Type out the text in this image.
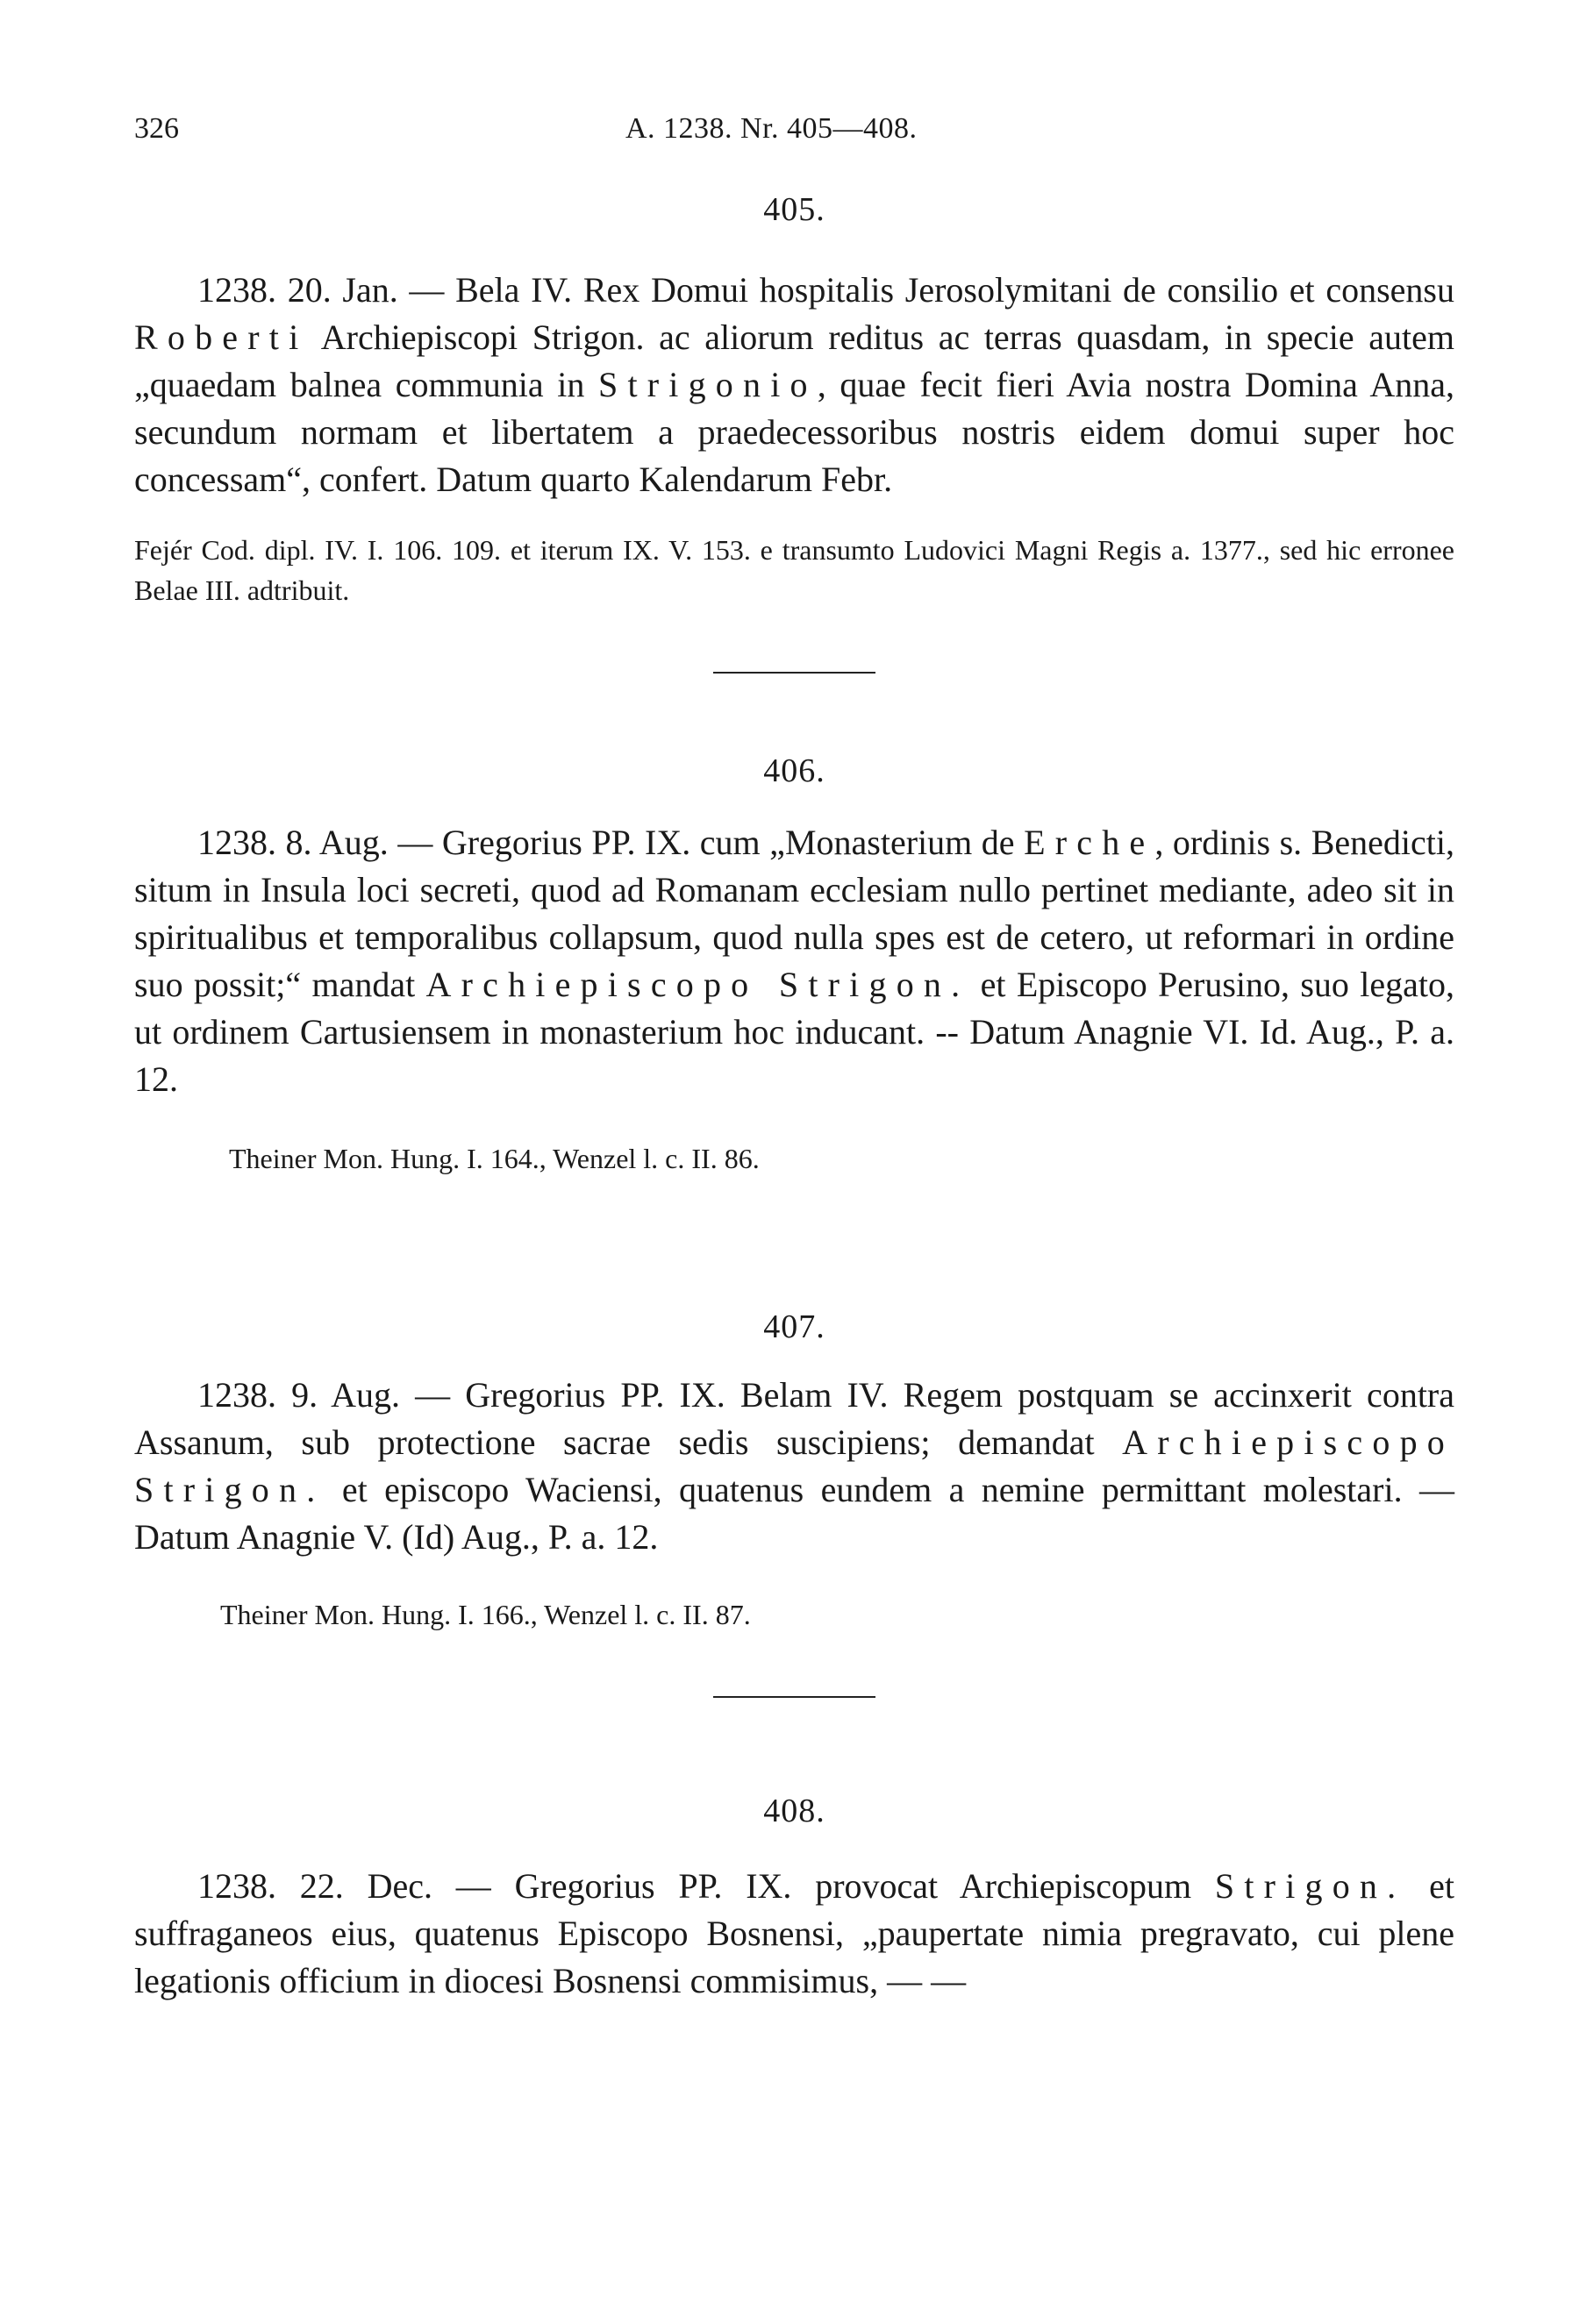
326	A. 1238. Nr. 405—408.

405.

1238. 20. Jan. — Bela IV. Rex Domui hospitalis Jerosolymitani de consilio et consensu Roberti Archiepiscopi Strigon. ac aliorum reditus ac terras quasdam, in specie autem „quaedam balnea communia in Strigonio, quae fecit fieri Avia nostra Domina Anna, secundum normam et libertatem a praedecessoribus nostris eidem domui super hoc concessam“, confert. Datum quarto Kalendarum Febr.

Fejér Cod. dipl. IV. I. 106. 109. et iterum IX. V. 153. e transumto Ludovici Magni Regis a. 1377., sed hic erronee Belae III. adtribuit.

406.

1238. 8. Aug. — Gregorius PP. IX. cum „Monasterium de Erche, ordinis s. Benedicti, situm in Insula loci secreti, quod ad Romanam ecclesiam nullo pertinet mediante, adeo sit in spiritualibus et temporalibus collapsum, quod nulla spes est de cetero, ut reformari in ordine suo possit;“ mandat Archiepiscopo Strigon. et Episcopo Perusino, suo legato, ut ordinem Cartusiensem in monasterium hoc inducant. -- Datum Anagnie VI. Id. Aug., P. a. 12.

Theiner Mon. Hung. I. 164., Wenzel l. c. II. 86.

407.

1238. 9. Aug. — Gregorius PP. IX. Belam IV. Regem postquam se accinxerit contra Assanum, sub protectione sacrae sedis suscipiens; demandat Archiepiscopo Strigon. et episcopo Waciensi, quatenus eundem a nemine permittant molestari. — Datum Anagnie V. (Id) Aug., P. a. 12.

Theiner Mon. Hung. I. 166., Wenzel l. c. II. 87.

408.

1238. 22. Dec. — Gregorius PP. IX. provocat Archiepiscopum Strigon. et suffraganeos eius, quatenus Episcopo Bosnensi, „paupertate nimia pregravato, cui plene legationis officium in diocesi Bosnensi commisimus, — —
